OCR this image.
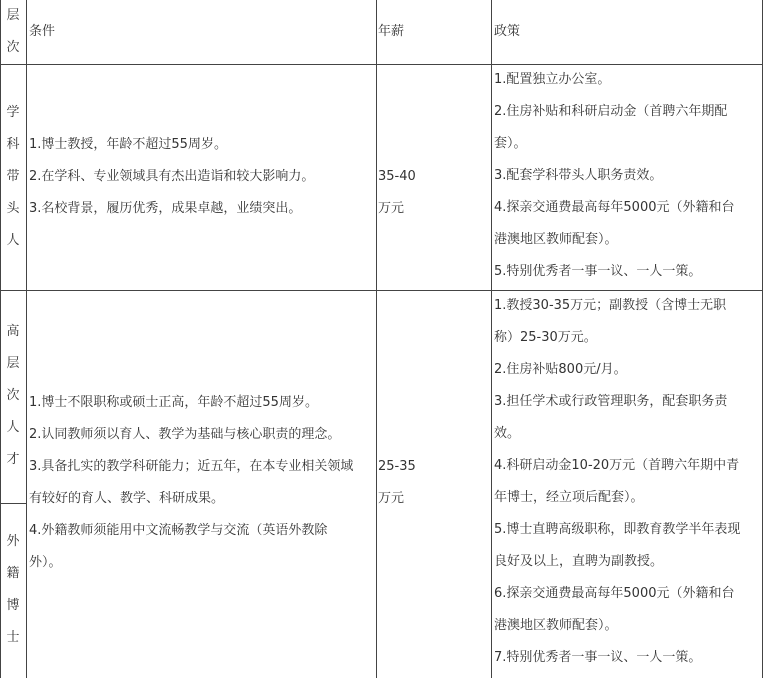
层
次
条件	年薪	政策
学
科
带
头
人
1.博士教授，年龄不超过55周岁。
2.在学科、专业领域具有杰出造诣和较大影响力。
3.名校背景，履历优秀，成果卓越，业绩突出。
35-40
万元
1.配置独立办公室。
2.住房补贴和科研启动金（首聘六年期配
套）。
3.配套学科带头人职务责效。
4.探亲交通费最高每年5000元（外籍和台
港澳地区教师配套）。
5.特别优秀者一事一议、一人一策。
高
层
次
人
才
外
籍
博
士
1.博士不限职称或硕士正高，年龄不超过55周岁。
2.认同教师须以育人、教学为基础与核心职责的理念。
3.具备扎实的教学科研能力；近五年，在本专业相关领域
有较好的育人、教学、科研成果。
4.外籍教师须能用中文流畅教学与交流（英语外教除
外）。
25-35
万元
1.教授30-35万元；副教授（含博士无职
称）25-30万元。
2.住房补贴800元/月。
3.担任学术或行政管理职务，配套职务责
效。
4.科研启动金10-20万元（首聘六年期中青
年博士，经立项后配套）。
5.博士直聘高级职称，即教育教学半年表现
良好及以上，直聘为副教授。
6.探亲交通费最高每年5000元（外籍和台
港澳地区教师配套）。
7.特别优秀者一事一议、一人一策。
